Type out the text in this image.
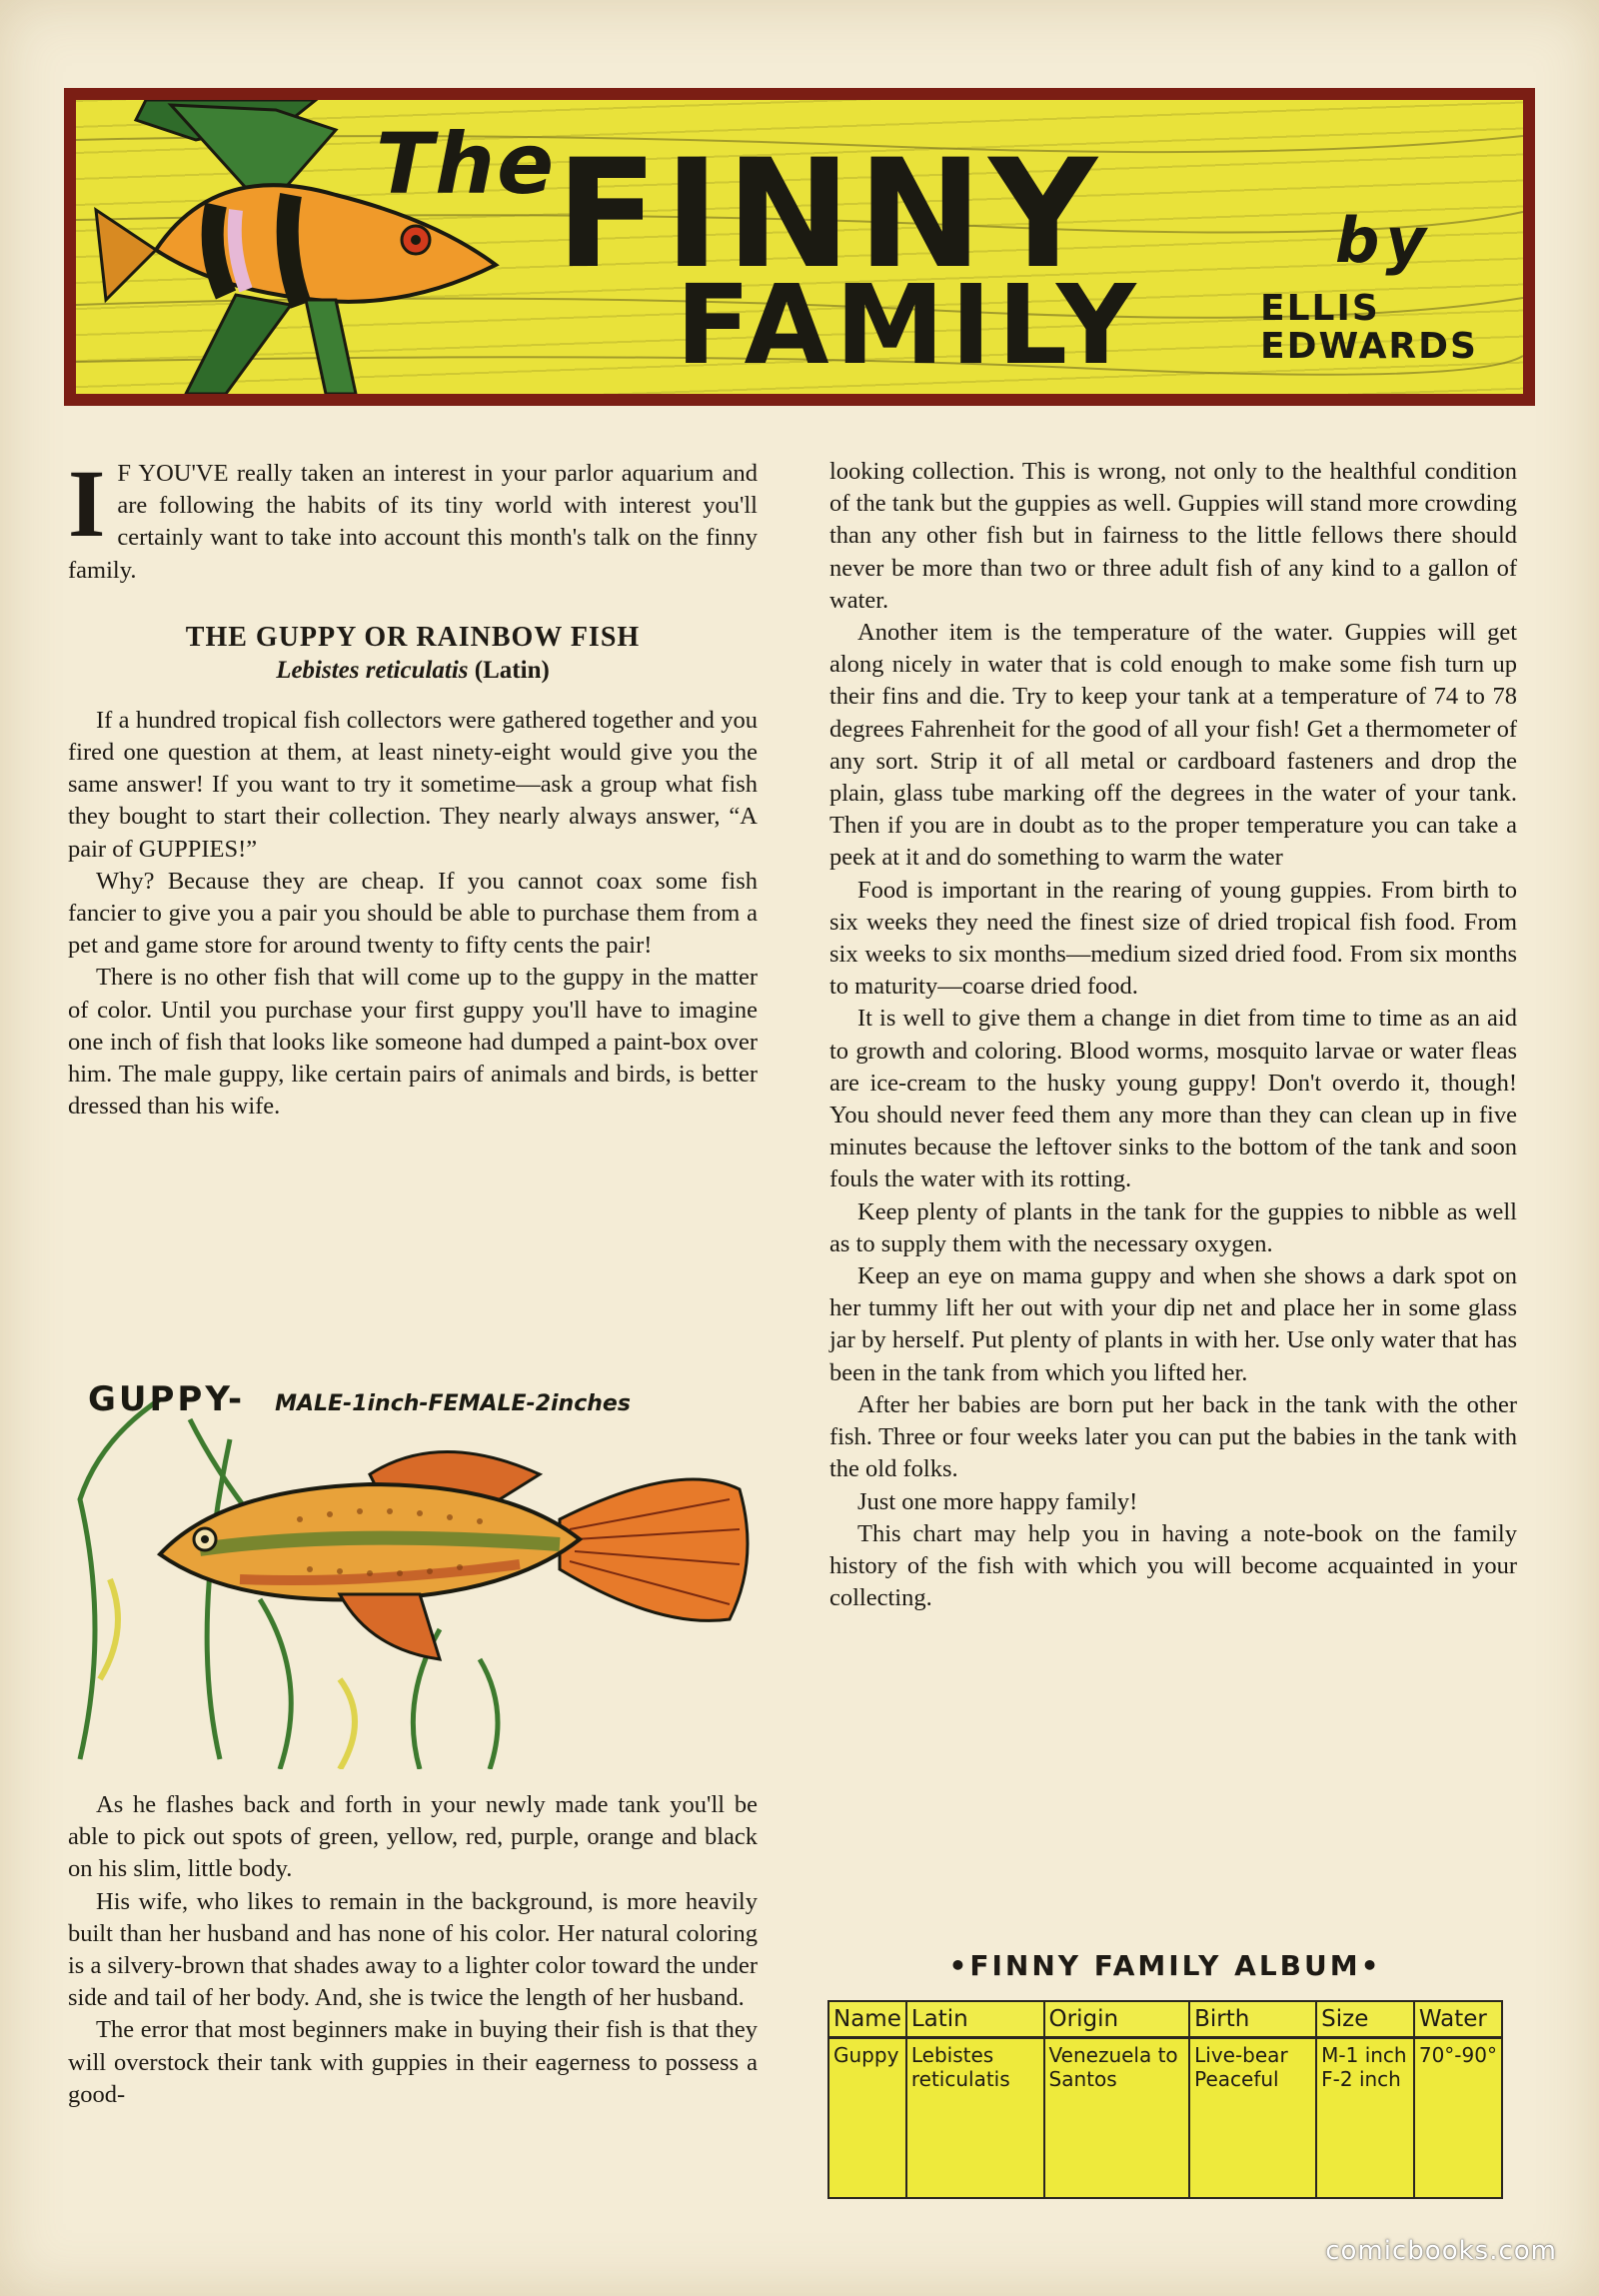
The FINNY
FAMILY
by
ELLIS
EDWARDS

I F YOU'VE really taken an interest in your parlor aquarium and are following the habits of its tiny world with interest you'll certainly want to take into account this month's talk on the finny family.

THE GUPPY OR RAINBOW FISH
Lebistes reticulatis (Latin)

If a hundred tropical fish collectors were gathered together and you fired one question at them, at least ninety-eight would give you the same answer! If you want to try it sometime—ask a group what fish they bought to start their collection. They nearly always answer, “A pair of GUPPIES!”

Why? Because they are cheap. If you cannot coax some fish fancier to give you a pair you should be able to purchase them from a pet and game store for around twenty to fifty cents the pair!

There is no other fish that will come up to the guppy in the matter of color. Until you purchase your first guppy you'll have to imagine one inch of fish that looks like someone had dumped a paint-box over him. The male guppy, like certain pairs of animals and birds, is better dressed than his wife.

GUPPY- MALE-1inch-FEMALE-2inches

As he flashes back and forth in your newly made tank you'll be able to pick out spots of green, yellow, red, purple, orange and black on his slim, little body.

His wife, who likes to remain in the background, is more heavily built than her husband and has none of his color. Her natural coloring is a silvery-brown that shades away to a lighter color toward the under side and tail of her body. And, she is twice the length of her husband.

The error that most beginners make in buying their fish is that they will overstock their tank with guppies in their eagerness to possess a good-

looking collection. This is wrong, not only to the healthful condition of the tank but the guppies as well. Guppies will stand more crowding than any other fish but in fairness to the little fellows there should never be more than two or three adult fish of any kind to a gallon of water.

Another item is the temperature of the water. Guppies will get along nicely in water that is cold enough to make some fish turn up their fins and die. Try to keep your tank at a temperature of 74 to 78 degrees Fahrenheit for the good of all your fish! Get a thermometer of any sort. Strip it of all metal or cardboard fasteners and drop the plain, glass tube marking off the degrees in the water of your tank. Then if you are in doubt as to the proper temperature you can take a peek at it and do something to warm the water

Food is important in the rearing of young guppies. From birth to six weeks they need the finest size of dried tropical fish food. From six weeks to six months—medium sized dried food. From six months to maturity—coarse dried food.

It is well to give them a change in diet from time to time as an aid to growth and coloring. Blood worms, mosquito larvae or water fleas are ice-cream to the husky young guppy! Don't overdo it, though! You should never feed them any more than they can clean up in five minutes because the leftover sinks to the bottom of the tank and soon fouls the water with its rotting.

Keep plenty of plants in the tank for the guppies to nibble as well as to supply them with the necessary oxygen.

Keep an eye on mama guppy and when she shows a dark spot on her tummy lift her out with your dip net and place her in some glass jar by herself. Put plenty of plants in with her. Use only water that has been in the tank from which you lifted her.

After her babies are born put her back in the tank with the other fish. Three or four weeks later you can put the babies in the tank with the old folks.

Just one more happy family!

This chart may help you in having a note-book on the family history of the fish with which you will become acquainted in your collecting.

•FINNY FAMILY ALBUM•
Name	Latin	Origin	Birth	Size	Water
Guppy	Lebistes reticulatis	Venezuela to Santos	Live-bear Peaceful	M-1 inch F-2 inch	70°-90°
comicbooks.com
